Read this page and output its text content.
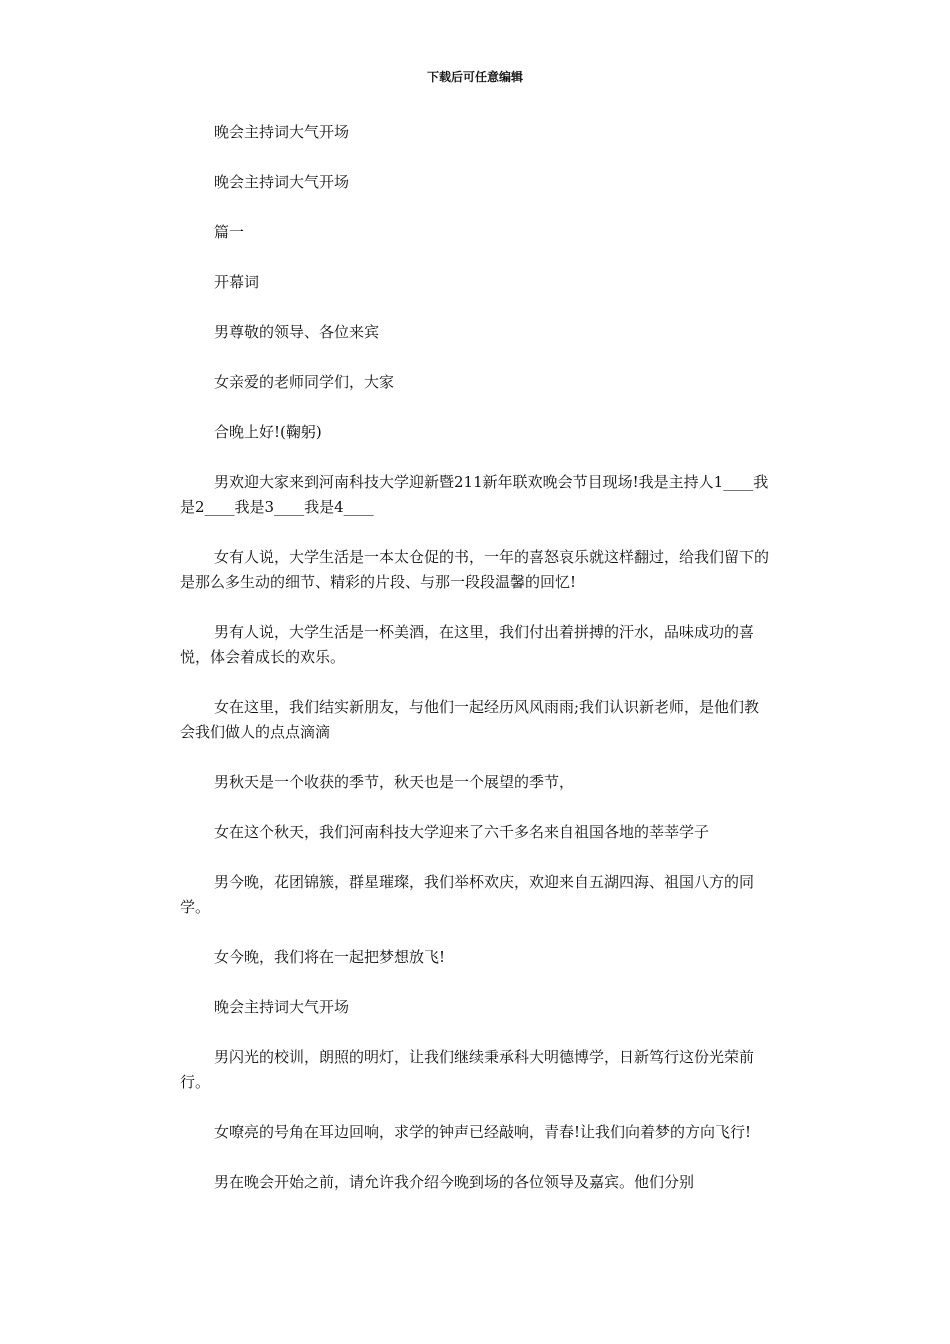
下载后可任意编辑

晚会主持词大气开场

晚会主持词大气开场

篇一

开幕词

男尊敬的领导、各位来宾

女亲爱的老师同学们，大家

合晚上好!(鞠躬)

男欢迎大家来到河南科技大学迎新暨211新年联欢晚会节目现场!我是主持人1____我是2____我是3____我是4____

女有人说，大学生活是一本太仓促的书，一年的喜怒哀乐就这样翻过，给我们留下的是那么多生动的细节、精彩的片段、与那一段段温馨的回忆!

男有人说，大学生活是一杯美酒，在这里，我们付出着拼搏的汗水，品味成功的喜悦，体会着成长的欢乐。

女在这里，我们结实新朋友，与他们一起经历风风雨雨;我们认识新老师，是他们教会我们做人的点点滴滴

男秋天是一个收获的季节，秋天也是一个展望的季节，

女在这个秋天，我们河南科技大学迎来了六千多名来自祖国各地的莘莘学子

男今晚，花团锦簇，群星璀璨，我们举杯欢庆，欢迎来自五湖四海、祖国八方的同学。

女今晚，我们将在一起把梦想放飞!

晚会主持词大气开场

男闪光的校训，朗照的明灯，让我们继续秉承科大明德博学，日新笃行这份光荣前行。

女嘹亮的号角在耳边回响，求学的钟声已经敲响，青春!让我们向着梦的方向飞行!

男在晚会开始之前，请允许我介绍今晚到场的各位领导及嘉宾。他们分别
